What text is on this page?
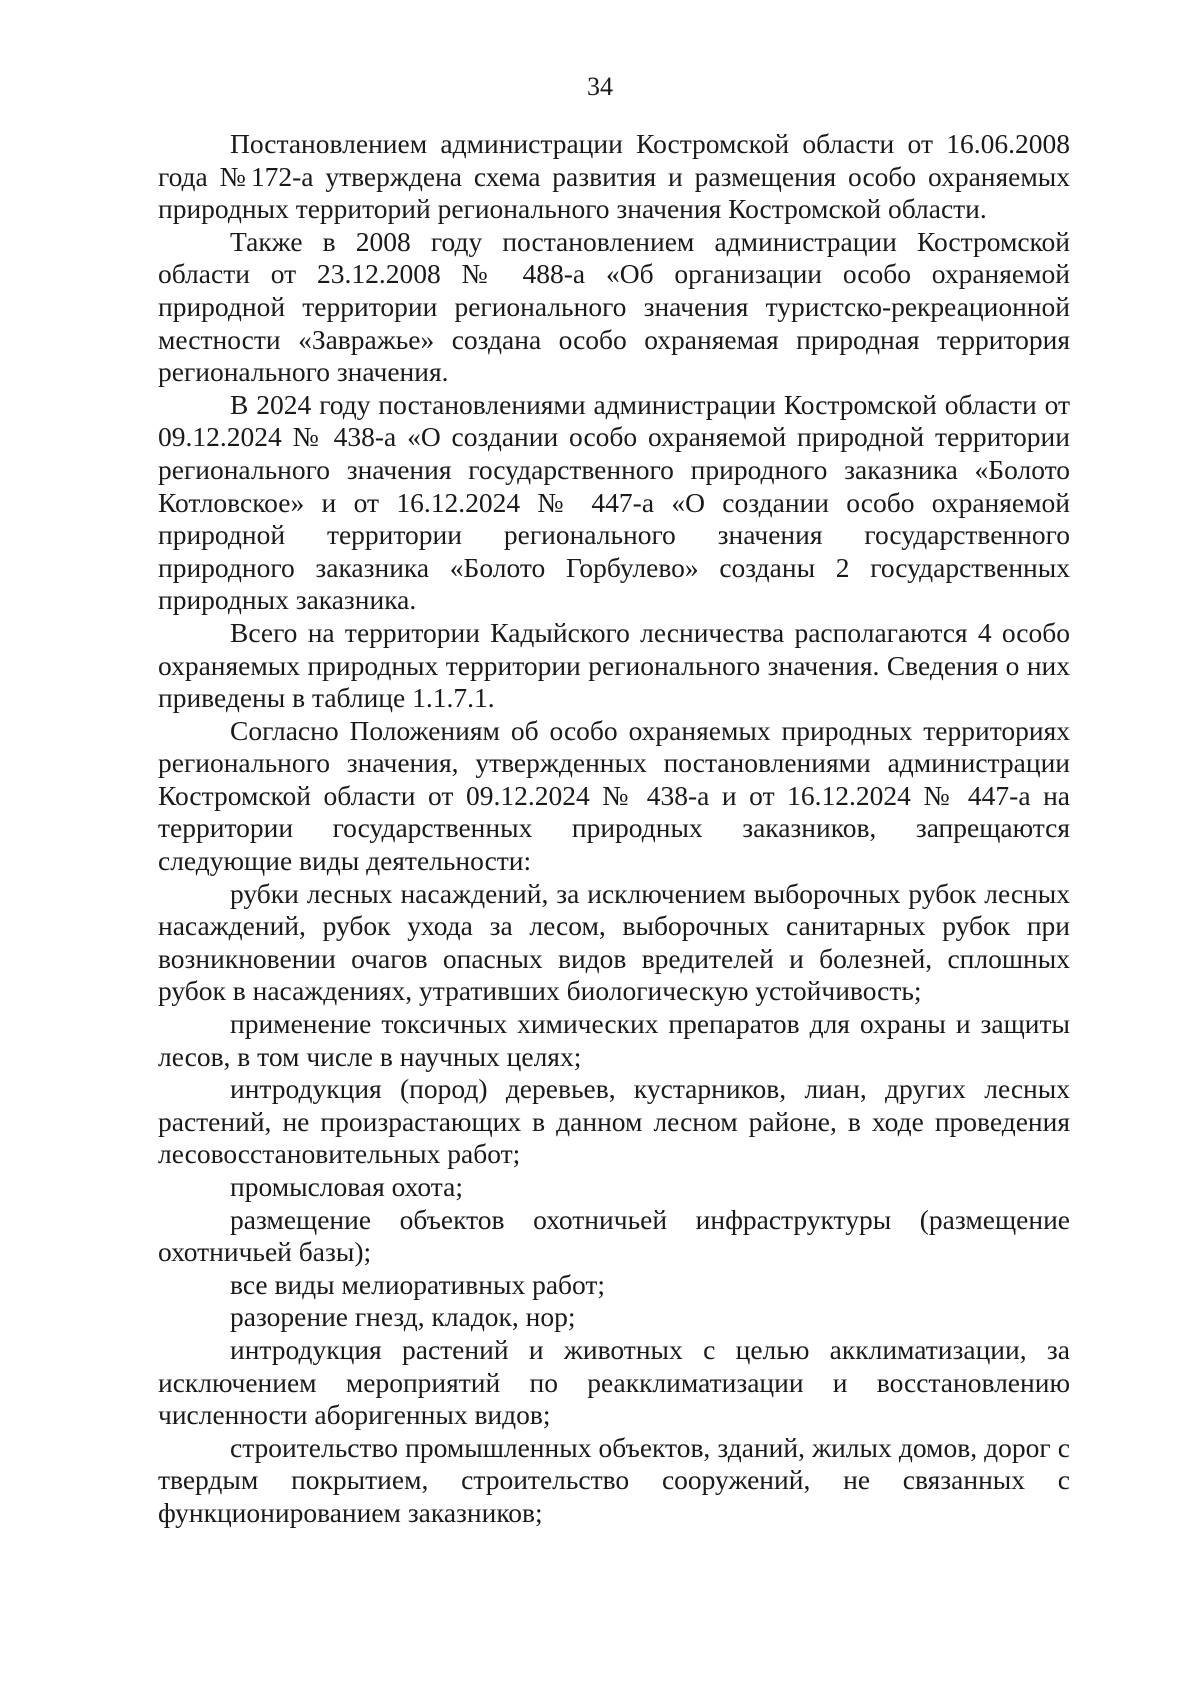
34

Постановлением администрации Костромской области от 16.06.2008 года №172-а утверждена схема развития и размещения особо охраняемых природных территорий регионального значения Костромской области.

Также в 2008 году постановлением администрации Костромской области от 23.12.2008 № 488-а «Об организации особо охраняемой природной территории регионального значения туристско-рекреационной местности «Завражье» создана особо охраняемая природная территория регионального значения.

В 2024 году постановлениями администрации Костромской области от 09.12.2024 № 438-а «О создании особо охраняемой природной территории регионального значения государственного природного заказника «Болото Котловское» и от 16.12.2024 № 447-а «О создании особо охраняемой природной территории регионального значения государственного природного заказника «Болото Горбулево» созданы 2 государственных природных заказника.

Всего на территории Кадыйского лесничества располагаются 4 особо охраняемых природных территории регионального значения. Сведения о них приведены в таблице 1.1.7.1.

Согласно Положениям об особо охраняемых природных территориях регионального значения, утвержденных постановлениями администрации Костромской области от 09.12.2024 № 438-а и от 16.12.2024 № 447-а на территории государственных природных заказников, запрещаются следующие виды деятельности:

рубки лесных насаждений, за исключением выборочных рубок лесных насаждений, рубок ухода за лесом, выборочных санитарных рубок при возникновении очагов опасных видов вредителей и болезней, сплошных рубок в насаждениях, утративших биологическую устойчивость;

применение токсичных химических препаратов для охраны и защиты лесов, в том числе в научных целях;

интродукция (пород) деревьев, кустарников, лиан, других лесных растений, не произрастающих в данном лесном районе, в ходе проведения лесовосстановительных работ;

промысловая охота;

размещение объектов охотничьей инфраструктуры (размещение охотничьей базы);

все виды мелиоративных работ;

разорение гнезд, кладок, нор;

интродукция растений и животных с целью акклиматизации, за исключением мероприятий по реакклиматизации и восстановлению численности аборигенных видов;

строительство промышленных объектов, зданий, жилых домов, дорог с твердым покрытием, строительство сооружений, не связанных с функционированием заказников;
